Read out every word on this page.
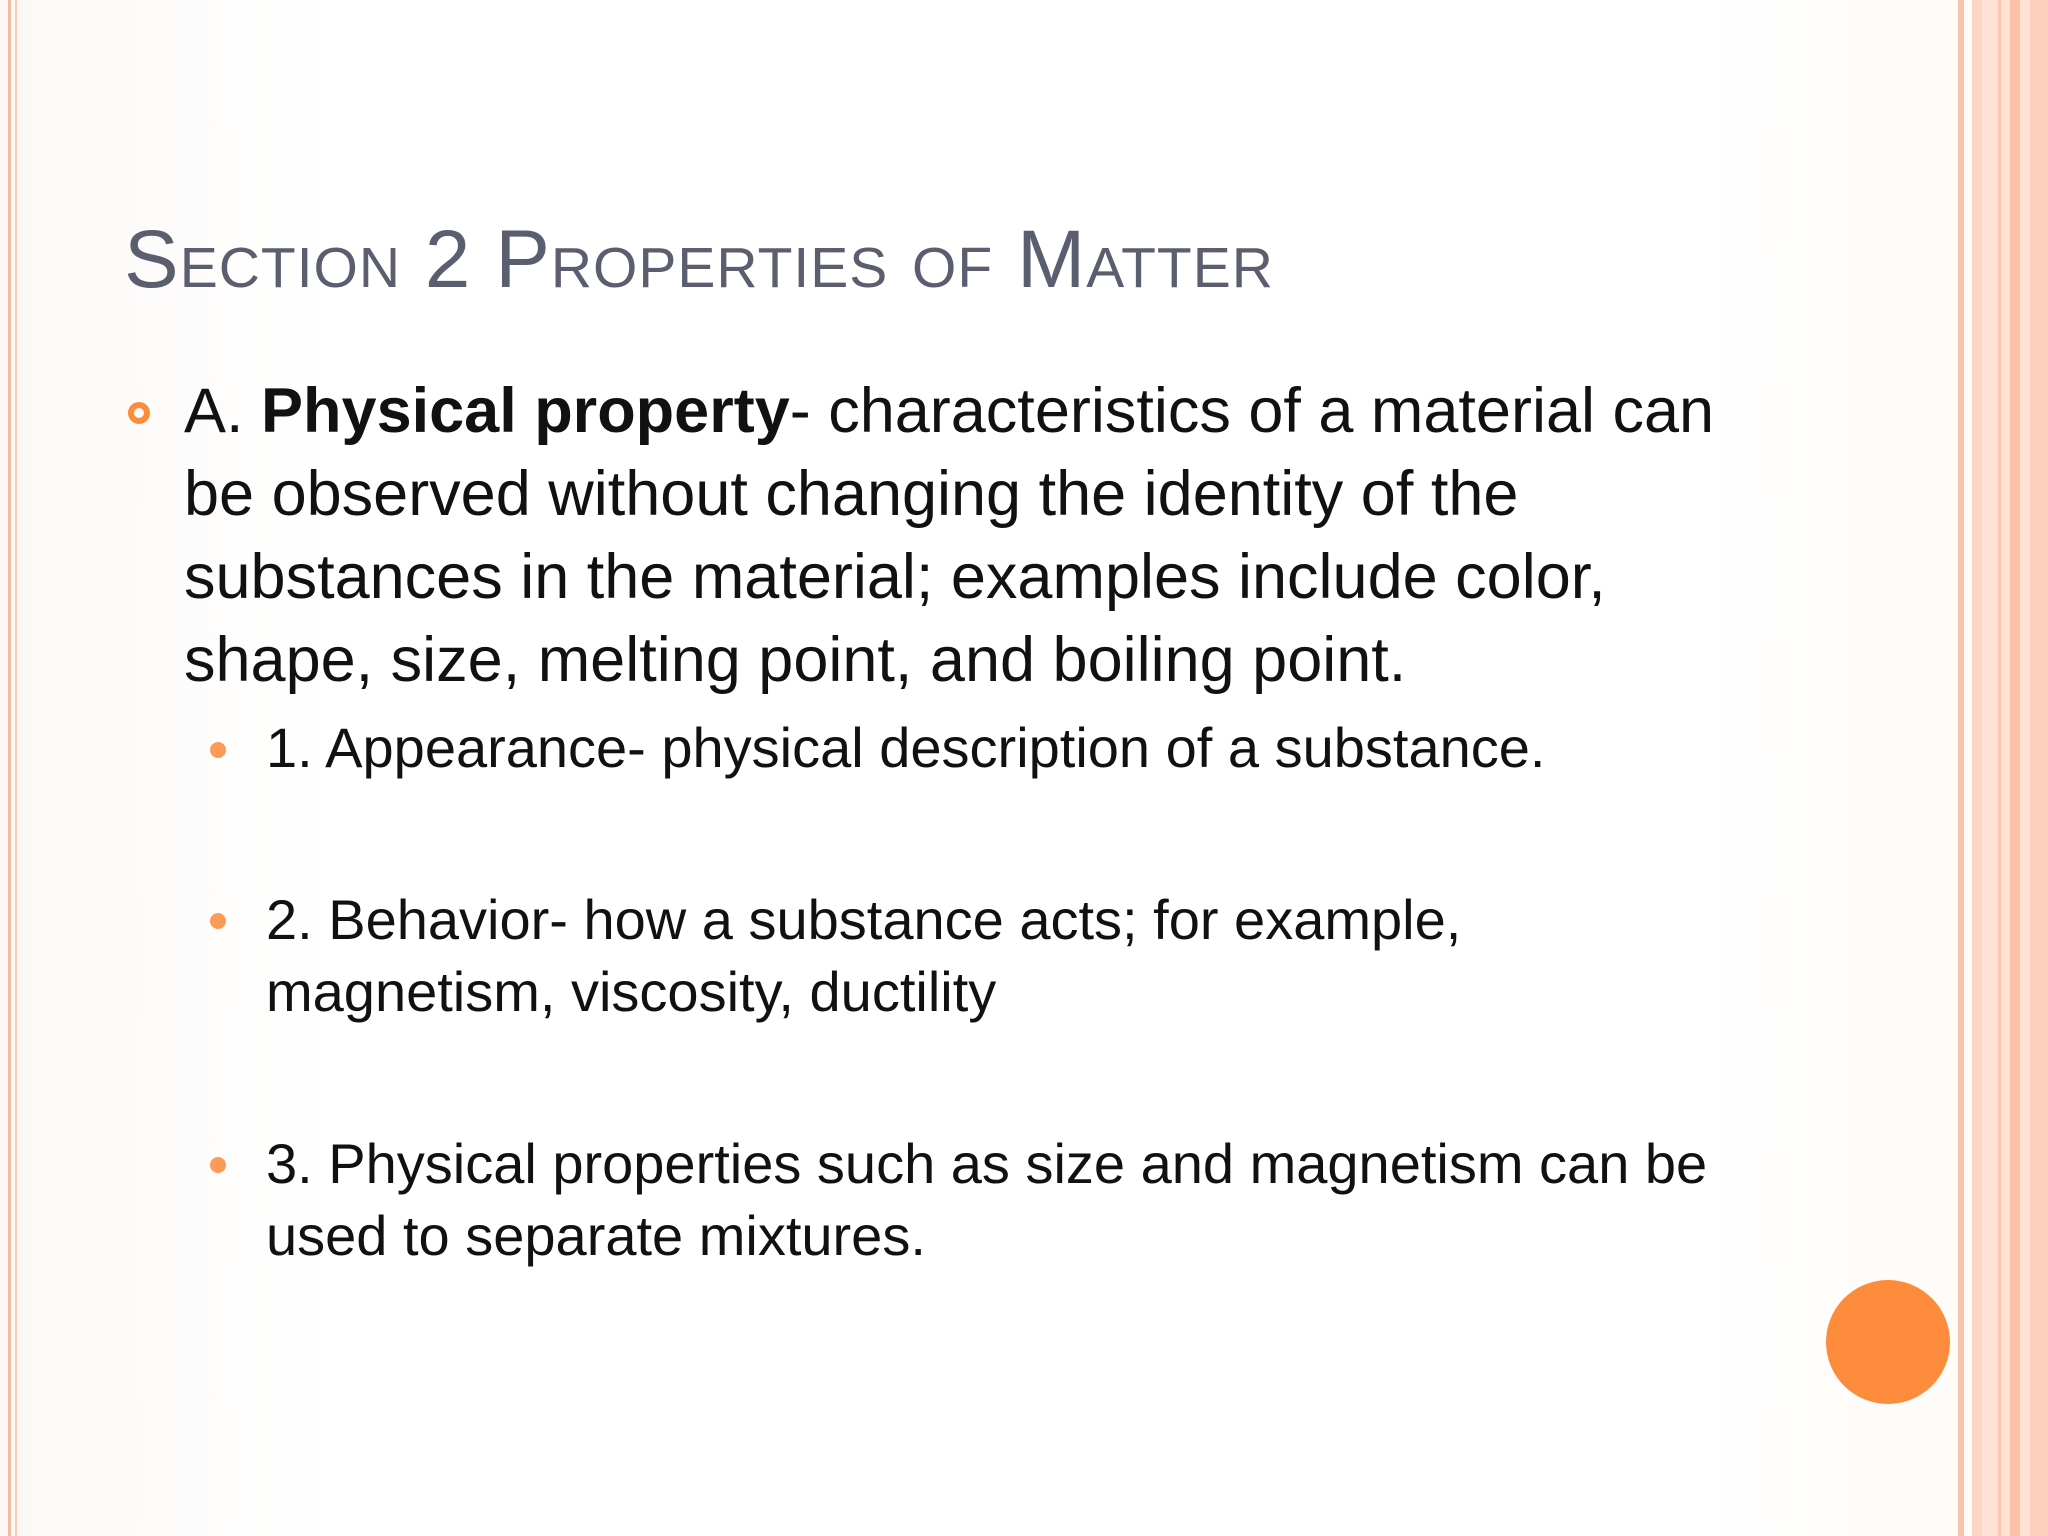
Section 2 Properties of Matter
A. Physical property- characteristics of a material can be observed without changing the identity of the substances in the material; examples include color, shape, size, melting point, and boiling point.
1. Appearance- physical description of a substance.
2. Behavior- how a substance acts; for example, magnetism, viscosity, ductility
3. Physical properties such as size and magnetism can be used to separate mixtures.
